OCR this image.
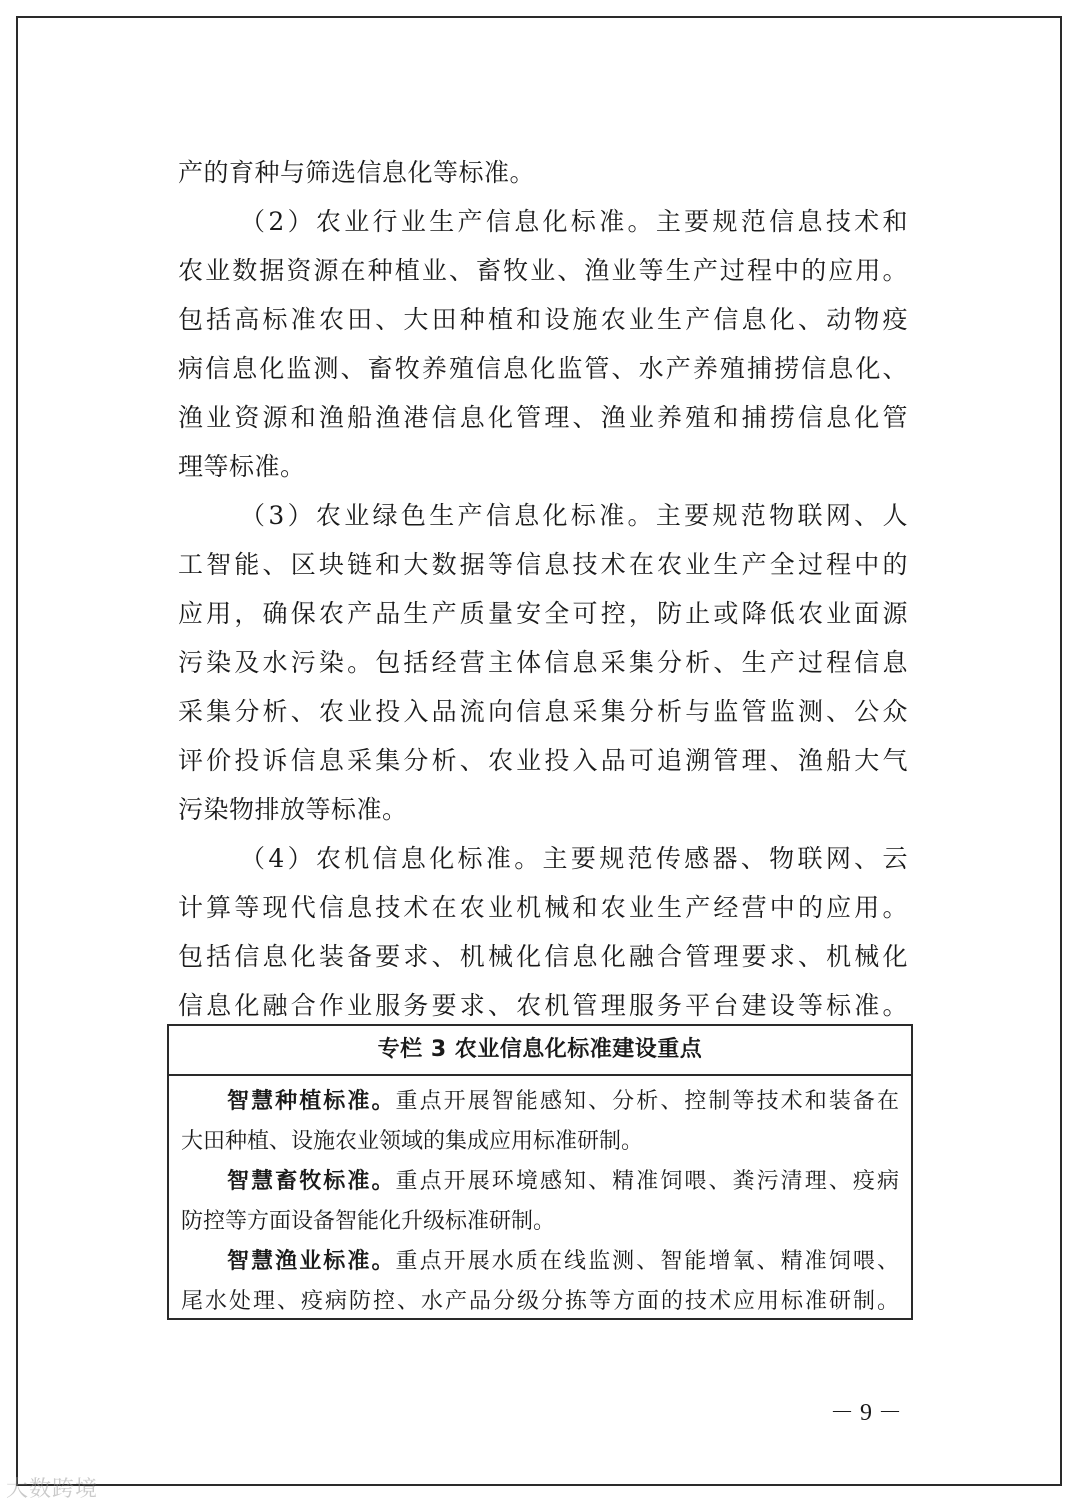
产的育种与筛选信息化等标准。
（2）农业行业生产信息化标准。主要规范信息技术和
农业数据资源在种植业、畜牧业、渔业等生产过程中的应用。
包括高标准农田、大田种植和设施农业生产信息化、动物疫
病信息化监测、畜牧养殖信息化监管、水产养殖捕捞信息化、
渔业资源和渔船渔港信息化管理、渔业养殖和捕捞信息化管
理等标准。
（3）农业绿色生产信息化标准。主要规范物联网、人
工智能、区块链和大数据等信息技术在农业生产全过程中的
应用，确保农产品生产质量安全可控，防止或降低农业面源
污染及水污染。包括经营主体信息采集分析、生产过程信息
采集分析、农业投入品流向信息采集分析与监管监测、公众
评价投诉信息采集分析、农业投入品可追溯管理、渔船大气
污染物排放等标准。
（4）农机信息化标准。主要规范传感器、物联网、云
计算等现代信息技术在农业机械和农业生产经营中的应用。
包括信息化装备要求、机械化信息化融合管理要求、机械化
信息化融合作业服务要求、农机管理服务平台建设等标准。
专栏 3 农业信息化标准建设重点
智慧种植标准。重点开展智能感知、分析、控制等技术和装备在
大田种植、设施农业领域的集成应用标准研制。
智慧畜牧标准。重点开展环境感知、精准饲喂、粪污清理、疫病
防控等方面设备智能化升级标准研制。
智慧渔业标准。重点开展水质在线监测、智能增氧、精准饲喂、
尾水处理、疫病防控、水产品分级分拣等方面的技术应用标准研制。
－ 9 －
大数跨境
